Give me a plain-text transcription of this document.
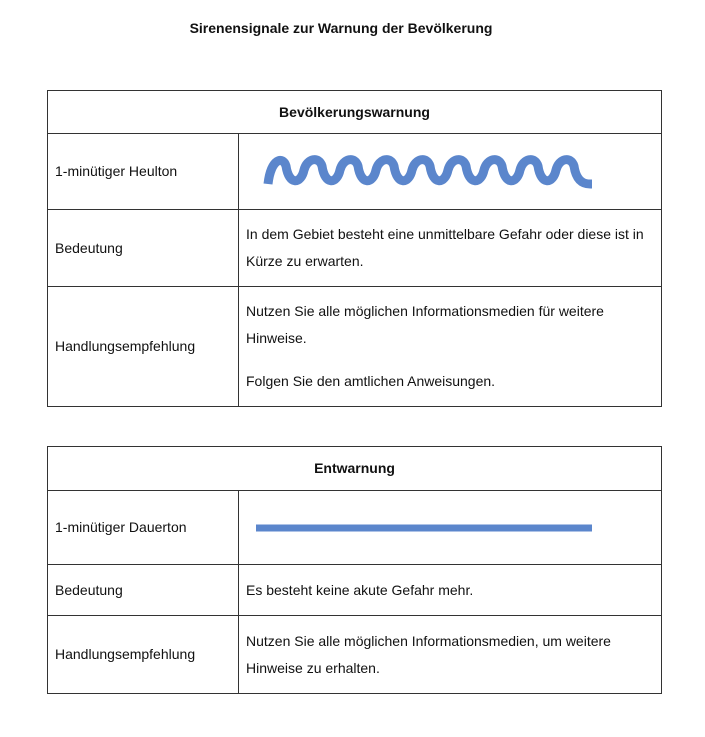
Sirenensignale zur Warnung der Bevölkerung
Bevölkerungswarnung	
1-minütiger Heulton	

Bedeutung	In dem Gebiet besteht eine unmittelbare Gefahr oder diese ist in Kürze zu erwarten.
Handlungsempfehlung	Nutzen Sie alle möglichen Informationsmedien für weitere Hinweise.
Folgen Sie den amtlichen Anweisungen.
Entwarnung	
1-minütiger Dauerton	

Bedeutung	Es besteht keine akute Gefahr mehr.
Handlungsempfehlung	Nutzen Sie alle möglichen Informationsmedien, um weitere Hinweise zu erhalten.
